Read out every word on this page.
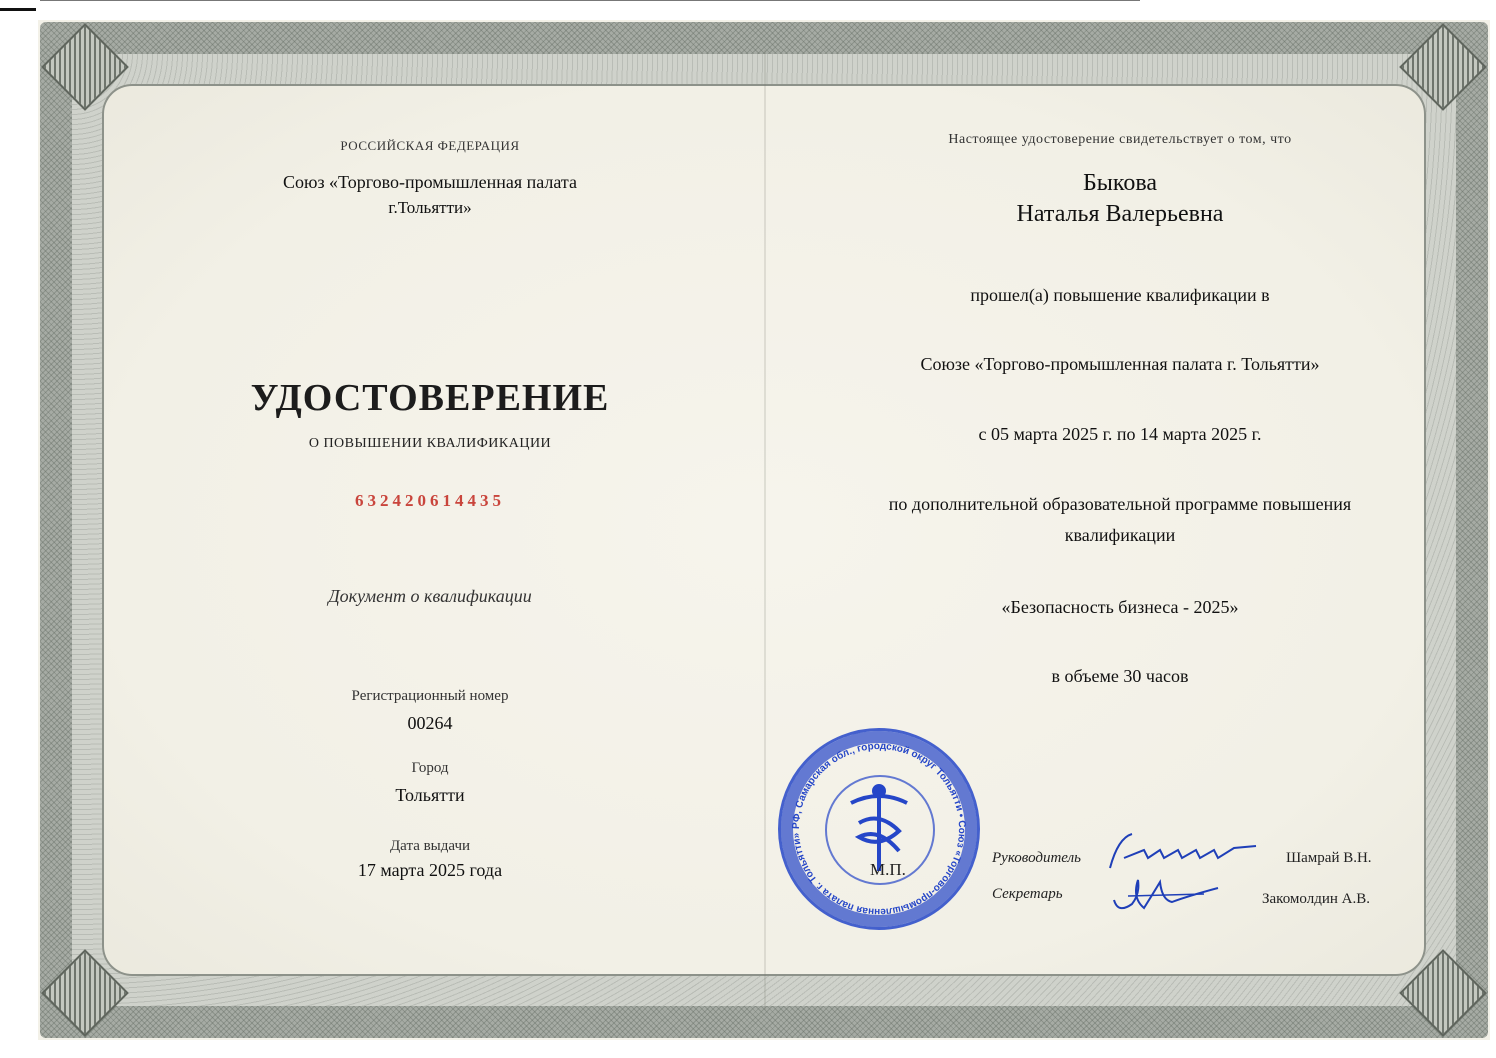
РОССИЙСКАЯ ФЕДЕРАЦИЯ
Союз «Торгово-промышленная палата
г.Тольятти»
УДОСТОВЕРЕНИЕ
О ПОВЫШЕНИИ КВАЛИФИКАЦИИ
632420614435
Документ о квалификации
Регистрационный номер
00264
Город
Тольятти
Дата выдачи
17 марта 2025 года
Настоящее удостоверение свидетельствует о том, что
Быкова
Наталья Валерьевна
прошел(а) повышение квалификации в
Союзе «Торгово-промышленная палата г. Тольятти»
с 05 марта 2025 г. по 14 марта 2025 г.
по дополнительной образовательной программе повышения
квалификации
«Безопасность бизнеса - 2025»
в объеме 30 часов
РФ, Самарская обл., городской округ Тольятти • Союз «Торгово-промышленная палата г. Тольятти»
М.П.
Руководитель
Секретарь
Шамрай В.Н.
Закомолдин А.В.
